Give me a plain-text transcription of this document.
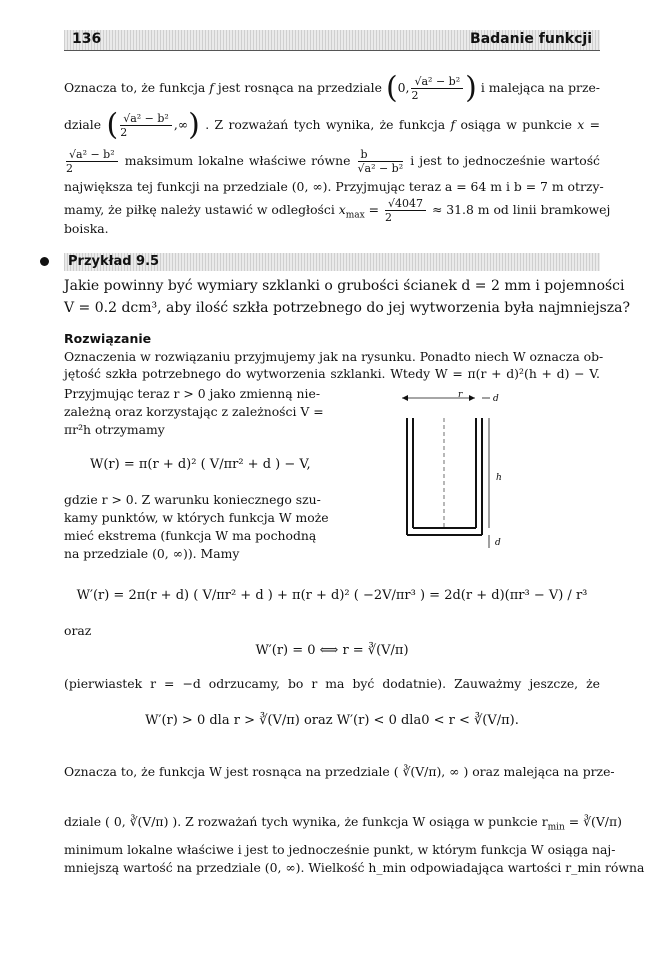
136	Badanie funkcji
Oznacza to, że funkcja f jest rosnąca na przedziale (0, $\frac{\text{√a² − b²}}{2}$ ) i malejąca na prze-
dziale ( $\frac{\text{√a² − b²}}{2}$ ,∞) . Z rozważań tych wynika, że funkcja f osiąga w punkcie x =
$\frac{\text{√a² − b²}}{2}$ maksimum lokalne właściwe równe $\frac{b}{\text{√a² − b²}}$ i jest to jednocześnie wartość
największa tej funkcji na przedziale (0, ∞). Przyjmując teraz a = 64 m i b = 7 m otrzy-
mamy, że piłkę należy ustawić w odległości $x_{max} = \frac{√4047}{2} \approx 31.8$ m od linii bramkowej
boiska.
Przykład 9.5
Jakie powinny być wymiary szklanki o grubości ścianek d = 2 mm i pojemności
V = 0.2 dcm³, aby ilość szkła potrzebnego do jej wytworzenia była najmniejsza?
Rozwiązanie
Oznaczenia w rozwiązaniu przyjmujemy jak na rysunku. Ponadto niech W oznacza ob-
jętość szkła potrzebnego do wytworzenia szklanki. Wtedy W = π(r + d)²(h + d) − V.
Przyjmując teraz r > 0 jako zmienną nie-
zależną oraz korzystając z zależności V =
πr²h otrzymamy
W(r) = π(r + d)² ( V/πr² + d ) − V,
gdzie r > 0. Z warunku koniecznego szu-
kamy punktów, w których funkcja W może
mieć ekstrema (funkcja W ma pochodną
na przedziale (0, ∞)). Mamy
r	d
h
d
W′(r) = 2π(r + d) ( V/πr² + d ) + π(r + d)² ( −2V/πr³ ) = 2d(r + d)(πr³ − V) / r³
oraz
W′(r) = 0 ⟺ r = ∛(V/π)
(pierwiastek r = −d odrzucamy, bo r ma być dodatnie). Zauważmy jeszcze, że
W′(r) > 0 dla r > ∛(V/π) oraz W′(r) < 0 dla0 < r < ∛(V/π).
Oznacza to, że funkcja W jest rosnąca na przedziale ( ∛(V/π), ∞ ) oraz malejąca na prze-
dziale ( 0, ∛(V/π) ). Z rozważań tych wynika, że funkcja W osiąga w punkcie $r_{min}$ = ∛(V/π)
minimum lokalne właściwe i jest to jednocześnie punkt, w którym funkcja W osiąga naj-
mniejszą wartość na przedziale (0, ∞). Wielkość h_min odpowiadająca wartości r_min równa
